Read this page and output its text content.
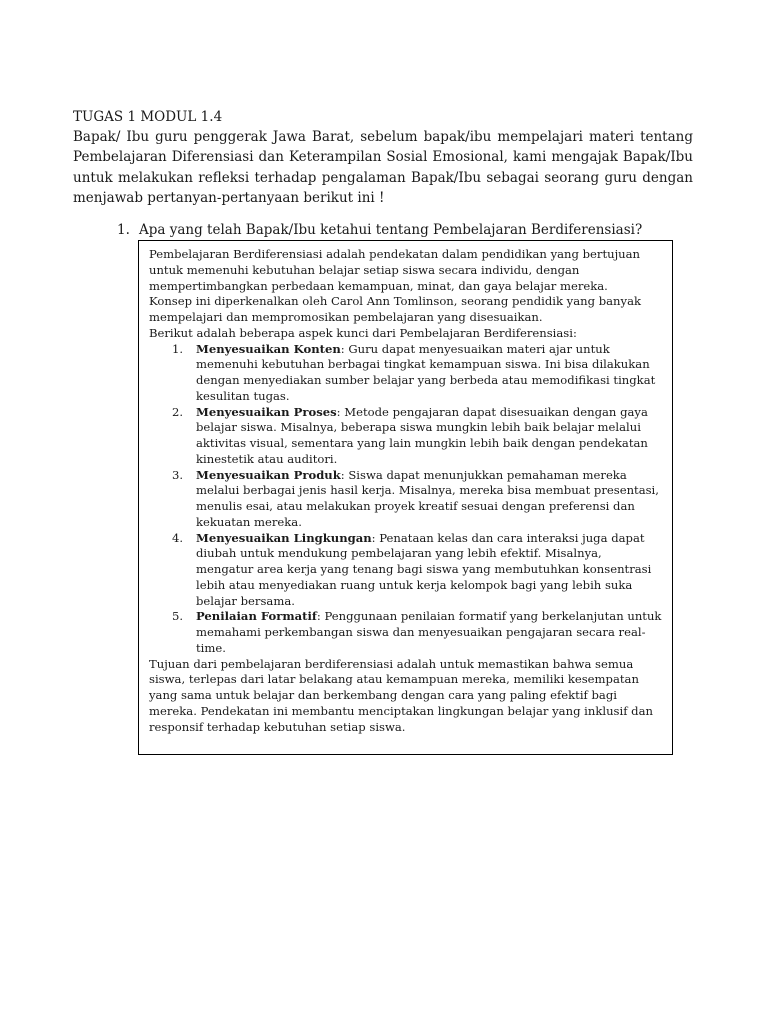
TUGAS 1 MODUL 1.4
Bapak/ Ibu guru penggerak Jawa Barat, sebelum bapak/ibu mempelajari materi tentang Pembelajaran Diferensiasi dan Keterampilan Sosial Emosional, kami mengajak Bapak/Ibu untuk melakukan refleksi terhadap pengalaman Bapak/Ibu sebagai seorang guru dengan menjawab pertanyan-pertanyaan berikut ini !
1. Apa yang telah Bapak/Ibu ketahui tentang Pembelajaran Berdiferensiasi?

Pembelajaran Berdiferensiasi adalah pendekatan dalam pendidikan yang bertujuan untuk memenuhi kebutuhan belajar setiap siswa secara individu, dengan mempertimbangkan perbedaan kemampuan, minat, dan gaya belajar mereka.

Konsep ini diperkenalkan oleh Carol Ann Tomlinson, seorang pendidik yang banyak mempelajari dan mempromosikan pembelajaran yang disesuaikan.

Berikut adalah beberapa aspek kunci dari Pembelajaran Berdiferensiasi:

1. Menyesuaikan Konten: Guru dapat menyesuaikan materi ajar untuk memenuhi kebutuhan berbagai tingkat kemampuan siswa. Ini bisa dilakukan dengan menyediakan sumber belajar yang berbeda atau memodifikasi tingkat kesulitan tugas.
2. Menyesuaikan Proses: Metode pengajaran dapat disesuaikan dengan gaya belajar siswa. Misalnya, beberapa siswa mungkin lebih baik belajar melalui aktivitas visual, sementara yang lain mungkin lebih baik dengan pendekatan kinestetik atau auditori.
3. Menyesuaikan Produk: Siswa dapat menunjukkan pemahaman mereka melalui berbagai jenis hasil kerja. Misalnya, mereka bisa membuat presentasi, menulis esai, atau melakukan proyek kreatif sesuai dengan preferensi dan kekuatan mereka.
4. Menyesuaikan Lingkungan: Penataan kelas dan cara interaksi juga dapat diubah untuk mendukung pembelajaran yang lebih efektif. Misalnya, mengatur area kerja yang tenang bagi siswa yang membutuhkan konsentrasi lebih atau menyediakan ruang untuk kerja kelompok bagi yang lebih suka belajar bersama.
5. Penilaian Formatif: Penggunaan penilaian formatif yang berkelanjutan untuk memahami perkembangan siswa dan menyesuaikan pengajaran secara real-time.

Tujuan dari pembelajaran berdiferensiasi adalah untuk memastikan bahwa semua siswa, terlepas dari latar belakang atau kemampuan mereka, memiliki kesempatan yang sama untuk belajar dan berkembang dengan cara yang paling efektif bagi mereka. Pendekatan ini membantu menciptakan lingkungan belajar yang inklusif dan responsif terhadap kebutuhan setiap siswa.
